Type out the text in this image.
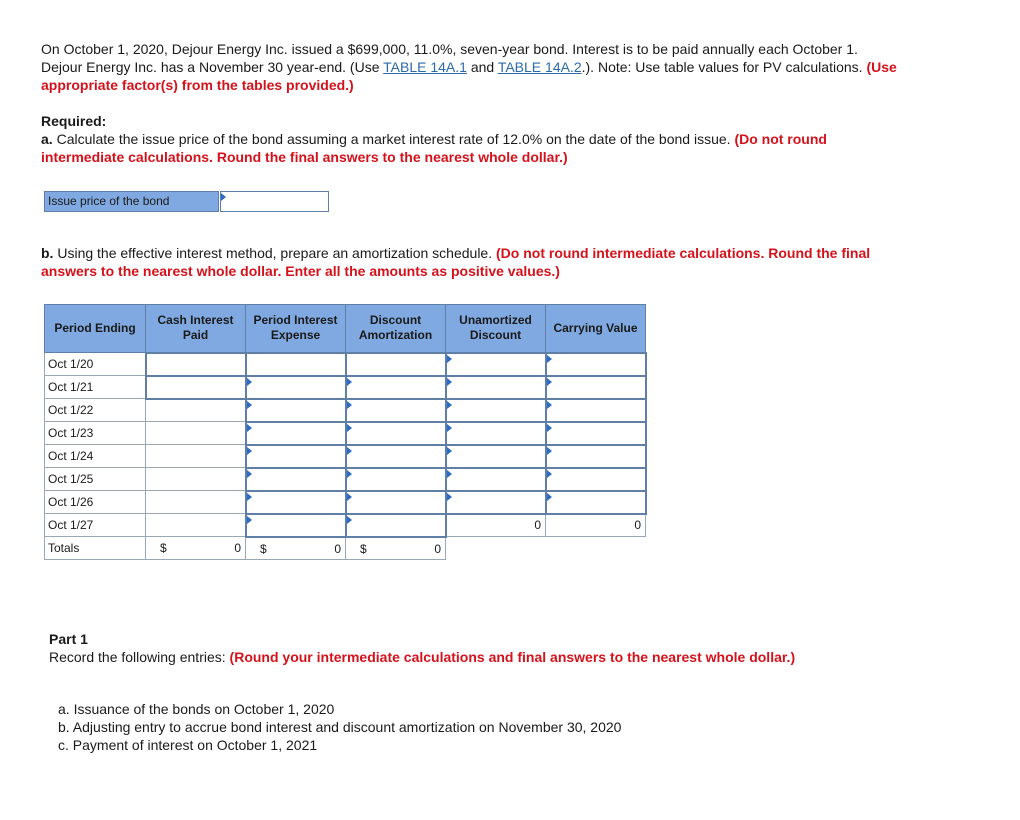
On October 1, 2020, Dejour Energy Inc. issued a $699,000, 11.0%, seven-year bond. Interest is to be paid annually each October 1.
Dejour Energy Inc. has a November 30 year-end. (Use TABLE 14A.1 and TABLE 14A.2.). Note: Use table values for PV calculations. (Use
appropriate factor(s) from the tables provided.)
Required:
a. Calculate the issue price of the bond assuming a market interest rate of 12.0% on the date of the bond issue. (Do not round
intermediate calculations. Round the final answers to the nearest whole dollar.)
Issue price of the bond
b. Using the effective interest method, prepare an amortization schedule. (Do not round intermediate calculations. Round the final
answers to the nearest whole dollar. Enter all the amounts as positive values.)
Period Ending	Cash Interest Paid	Period Interest Expense	Discount Amortization	Unamortized Discount	Carrying Value
Oct 1/20				

Oct 1/21		

Oct 1/22		

Oct 1/23		

Oct 1/24		

Oct 1/25		

Oct 1/26		

Oct 1/27				0	0
Totals	$ 0	$ 0	$ 0		
Part 1
Record the following entries: (Round your intermediate calculations and final answers to the nearest whole dollar.)
a. Issuance of the bonds on October 1, 2020
b. Adjusting entry to accrue bond interest and discount amortization on November 30, 2020
c. Payment of interest on October 1, 2021
